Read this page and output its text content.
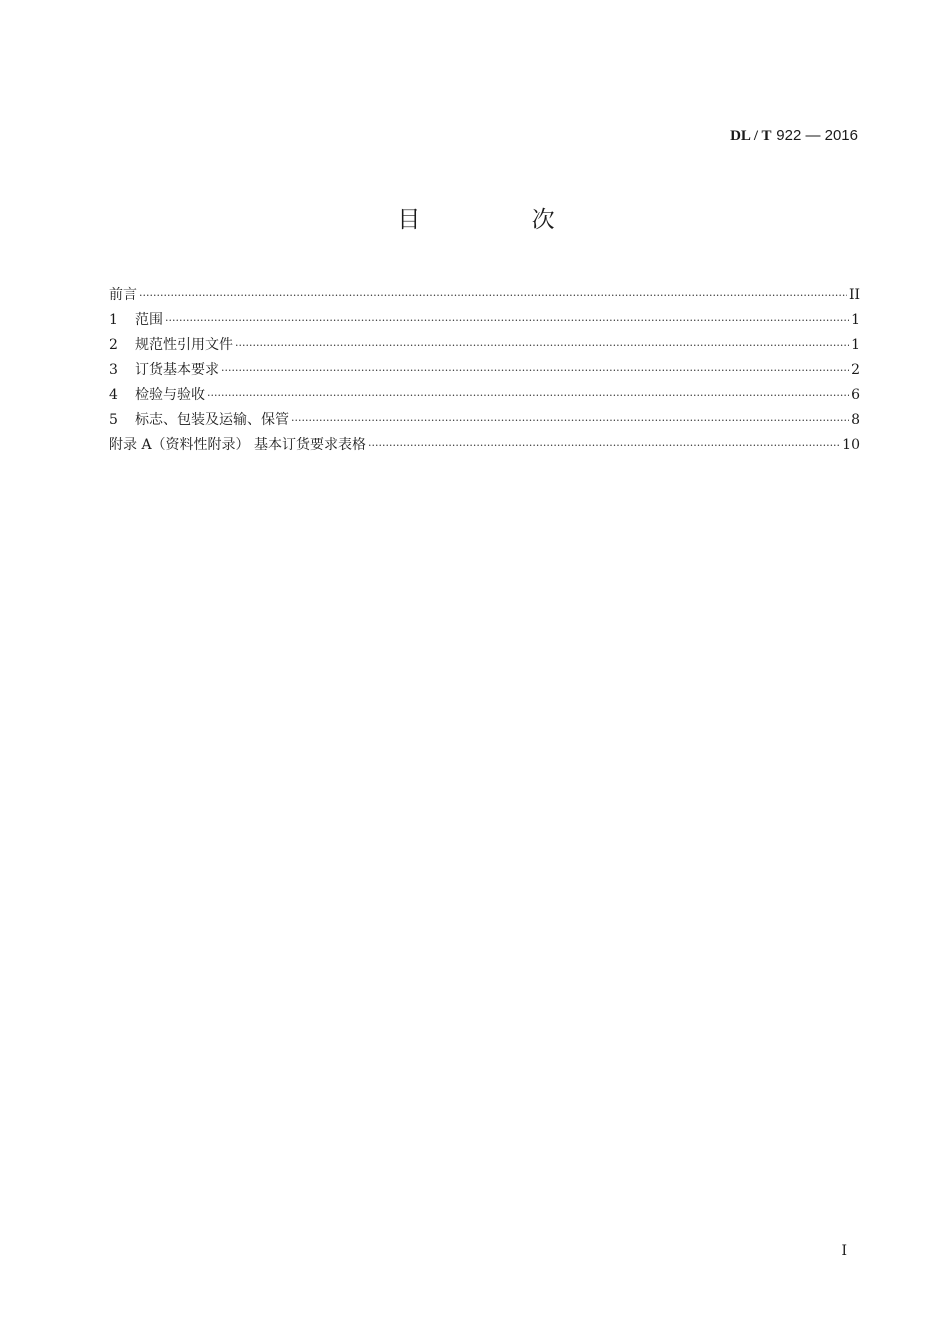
DL / T 922 — 2016
目 次
前言 ·····	II
1	范围 ·····	1
2	规范性引用文件 ·····	1
3	订货基本要求 ·····	2
4	检验与验收 ·····	6
5	标志、包装及运输、保管 ·····	8
附录 A（资料性附录） 基本订货要求表格 ·····	10
I
